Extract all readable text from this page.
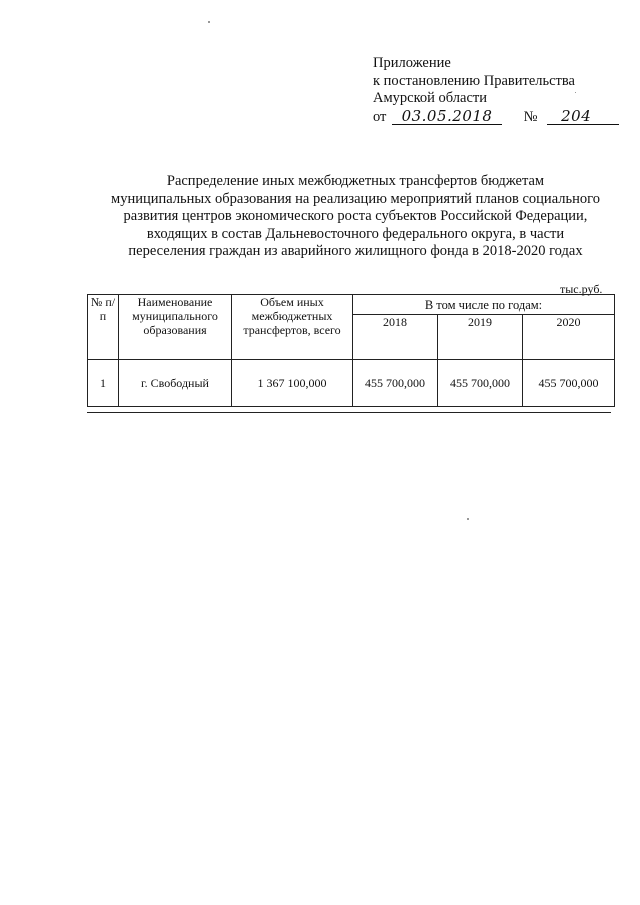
Приложение
к постановлению Правительства
Амурской области
от 03.05.2018 № 204
Распределение иных межбюджетных трансфертов бюджетам
муниципальных образования на реализацию мероприятий планов социального
развития центров экономического роста субъектов Российской Федерации,
входящих в состав Дальневосточного федерального округа, в части
переселения граждан из аварийного жилищного фонда в 2018-2020 годах
тыс.руб.
№ п/п	Наименование муниципального образования	Объем иных межбюджетных трансфертов, всего	В том числе по годам:		
			2018	2019	2020
1	г. Свободный	1 367 100,000	455 700,000	455 700,000	455 700,000
